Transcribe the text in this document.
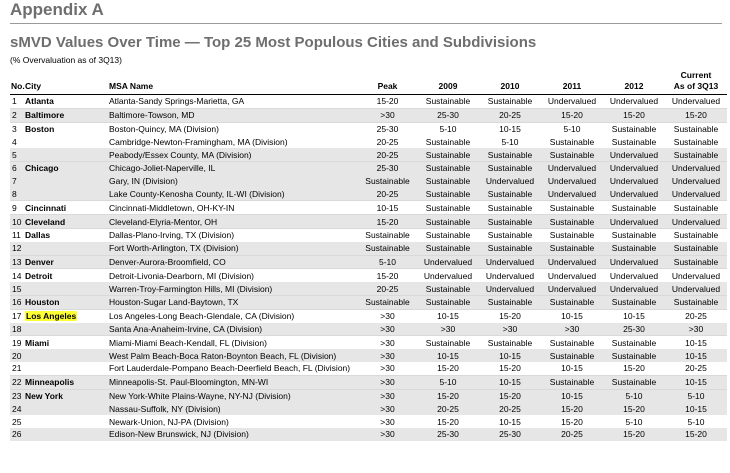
Appendix A
sMVD Values Over Time — Top 25 Most Populous Cities and Subdivisions
(% Overvaluation as of 3Q13)
No.	City	MSA Name	Peak	2009	2010	2011	2012	Current
As of 3Q13
1	Atlanta	Atlanta-Sandy Springs-Marietta, GA	15-20	Sustainable	Sustainable	Undervalued	Undervalued	Undervalued
2	Baltimore	Baltimore-Towson, MD	>30	25-30	20-25	15-20	15-20	15-20
3	Boston	Boston-Quincy, MA (Division)	25-30	5-10	10-15	5-10	Sustainable	Sustainable
4		Cambridge-Newton-Framingham, MA (Division)	20-25	Sustainable	5-10	Sustainable	Sustainable	Sustainable
5		Peabody/Essex County, MA (Division)	20-25	Sustainable	Sustainable	Sustainable	Undervalued	Sustainable
6	Chicago	Chicago-Joliet-Naperville, IL	25-30	Sustainable	Sustainable	Undervalued	Undervalued	Undervalued
7		Gary, IN (Division)	Sustainable	Sustainable	Undervalued	Undervalued	Undervalued	Undervalued
8		Lake County-Kenosha County, IL-WI (Division)	20-25	Sustainable	Sustainable	Undervalued	Undervalued	Undervalued
9	Cincinnati	Cincinnati-Middletown, OH-KY-IN	10-15	Sustainable	Sustainable	Sustainable	Sustainable	Sustainable
10	Cleveland	Cleveland-Elyria-Mentor, OH	15-20	Sustainable	Sustainable	Sustainable	Undervalued	Undervalued
11	Dallas	Dallas-Plano-Irving, TX (Division)	Sustainable	Sustainable	Sustainable	Sustainable	Sustainable	Sustainable
12		Fort Worth-Arlington, TX (Division)	Sustainable	Sustainable	Sustainable	Sustainable	Sustainable	Sustainable
13	Denver	Denver-Aurora-Broomfield, CO	5-10	Undervalued	Undervalued	Undervalued	Undervalued	Sustainable
14	Detroit	Detroit-Livonia-Dearborn, MI (Division)	15-20	Undervalued	Undervalued	Undervalued	Undervalued	Undervalued
15		Warren-Troy-Farmington Hills, MI (Division)	20-25	Sustainable	Undervalued	Undervalued	Undervalued	Undervalued
16	Houston	Houston-Sugar Land-Baytown, TX	Sustainable	Sustainable	Sustainable	Sustainable	Sustainable	Sustainable
17	Los Angeles	Los Angeles-Long Beach-Glendale, CA (Division)	>30	10-15	15-20	10-15	10-15	20-25
18		Santa Ana-Anaheim-Irvine, CA (Division)	>30	>30	>30	>30	25-30	>30
19	Miami	Miami-Miami Beach-Kendall, FL (Division)	>30	Sustainable	Sustainable	Sustainable	Sustainable	10-15
20		West Palm Beach-Boca Raton-Boynton Beach, FL (Division)	>30	10-15	10-15	Sustainable	Sustainable	10-15
21		Fort Lauderdale-Pompano Beach-Deerfield Beach, FL (Division)	>30	15-20	15-20	10-15	15-20	20-25
22	Minneapolis	Minneapolis-St. Paul-Bloomington, MN-WI	>30	5-10	10-15	Sustainable	Sustainable	10-15
23	New York	New York-White Plains-Wayne, NY-NJ (Division)	>30	15-20	15-20	10-15	5-10	5-10
24		Nassau-Suffolk, NY (Division)	>30	20-25	20-25	15-20	15-20	10-15
25		Newark-Union, NJ-PA (Division)	>30	15-20	10-15	15-20	5-10	5-10
26		Edison-New Brunswick, NJ (Division)	>30	25-30	25-30	20-25	15-20	15-20
